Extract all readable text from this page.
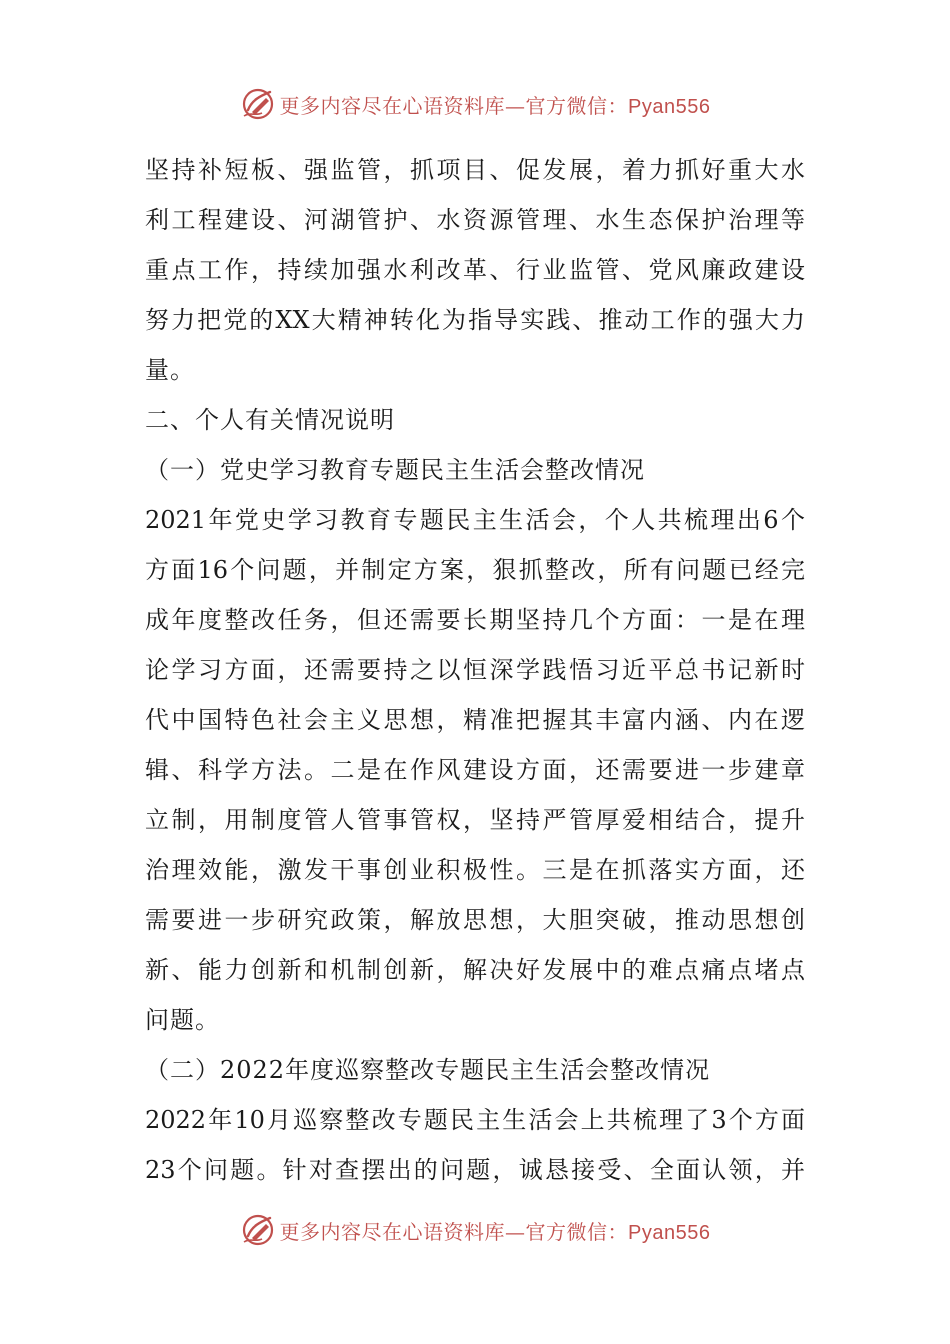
更多内容尽在心语资料库—官方微信：Pyan556
坚持补短板、强监管，抓项目、促发展，着力抓好重大水
利工程建设、河湖管护、水资源管理、水生态保护治理等
重点工作，持续加强水利改革、行业监管、党风廉政建设
努力把党的XX大精神转化为指导实践、推动工作的强大力
量。
二、个人有关情况说明
（一）党史学习教育专题民主生活会整改情况
2021年党史学习教育专题民主生活会，个人共梳理出6个
方面16个问题，并制定方案，狠抓整改，所有问题已经完
成年度整改任务，但还需要长期坚持几个方面：一是在理
论学习方面，还需要持之以恒深学践悟习近平总书记新时
代中国特色社会主义思想，精准把握其丰富内涵、内在逻
辑、科学方法。二是在作风建设方面，还需要进一步建章
立制，用制度管人管事管权，坚持严管厚爱相结合，提升
治理效能，激发干事创业积极性。三是在抓落实方面，还
需要进一步研究政策，解放思想，大胆突破，推动思想创
新、能力创新和机制创新，解决好发展中的难点痛点堵点
问题。
（二）2022年度巡察整改专题民主生活会整改情况
2022年10月巡察整改专题民主生活会上共梳理了3个方面
23个问题。针对查摆出的问题，诚恳接受、全面认领，并
更多内容尽在心语资料库—官方微信：Pyan556
